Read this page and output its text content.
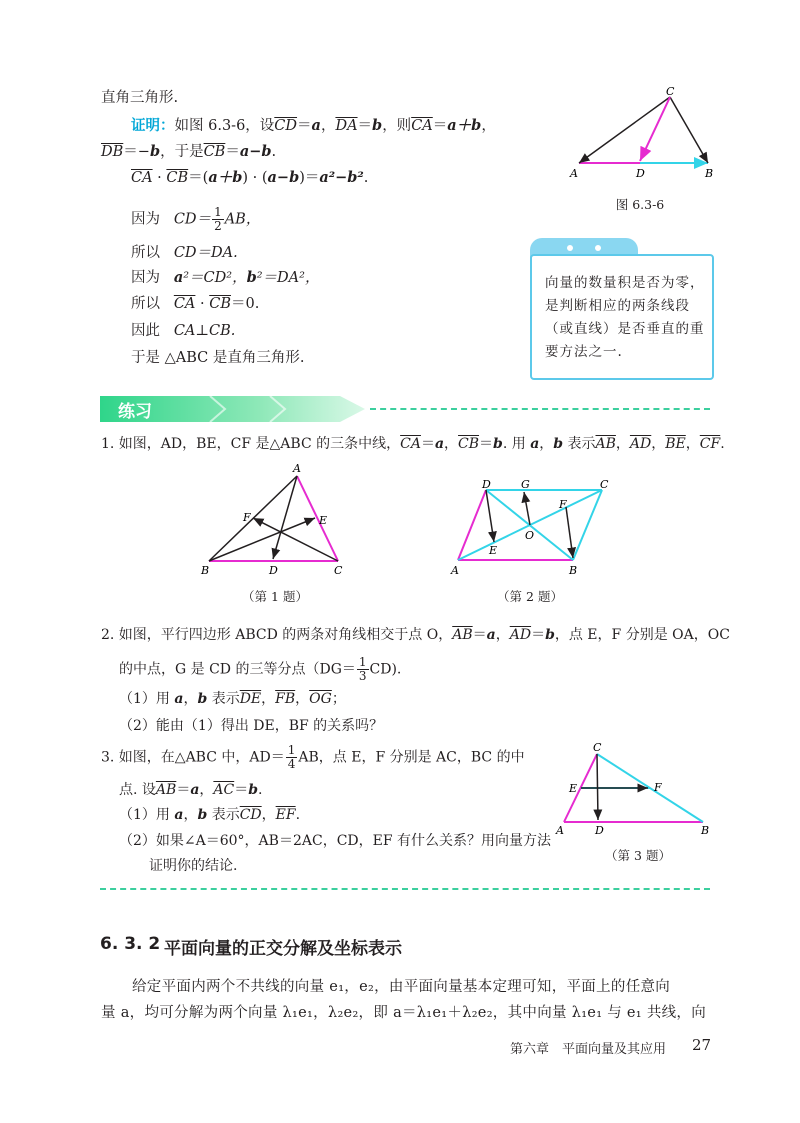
直角三角形.
证明：如图 6.3-6，设$\overline{CD}=a$，$\overline{DA}=b$，则$\overline{CA}=a+b$，
$\overline{DB}=-b$，于是$\overline{CB}=a-b$.
$\overline{CA} \cdot \overline{CB}=(a+b) \cdot (a-b)=a^2-b^2$.
因为 $CD= \frac{1}{2}$ AB，
所以 CD＝DA.
因为 a²＝CD²，b²＝DA²，
所以 $\overline{CA} \cdot \overline{CB}=0$.
因此 CA⊥CB.
于是 △ABC 是直角三角形.
C
A	D	B
图 6.3-6
向量的数量积是否为零，是判断相应的两条线段（或直线）是否垂直的重要方法之一.
练习
1. 如图，AD，BE，CF 是△ABC 的三条中线，$\overline{CA}=a$，$\overline{CB}=b$. 用 a，b 表示$\overline{AB}$，$\overline{AD}$，$\overline{BE}$，$\overline{CF}$.
A
F	E
B	D	C
（第 1 题）
D	G	C
F
O
E
A	B
（第 2 题）
2. 如图，平行四边形 ABCD 的两条对角线相交于点 O，$\overline{AB}=a$，$\overline{AD}=b$，点 E，F 分别是 OA，OC
的中点，G 是 CD 的三等分点$(DG= \frac{1}{3} CD)$.
（1）用 a，b 表示$\overline{DE}$，$\overline{FB}$，$\overline{OG}$；
（2）能由（1）得出 DE，BF 的关系吗？
3. 如图，在△ABC 中，$AD= \frac{1}{4}$ AB，点 E，F 分别是 AC，BC 的中
点. 设$\overline{AB}=a$，$\overline{AC}=b$.
（1）用 a，b 表示$\overline{CD}$，$\overline{EF}$.
（2）如果∠A＝60°，AB＝2AC，CD，EF 有什么关系？用向量方法
证明你的结论.
C
E	F
A	D	B
（第 3 题）
6. 3. 2 平面向量的正交分解及坐标表示
给定平面内两个不共线的向量 e₁，e₂，由平面向量基本定理可知，平面上的任意向
量 a，均可分解为两个向量 λ₁e₁，λ₂e₂，即 a＝λ₁e₁＋λ₂e₂，其中向量 λ₁e₁ 与 e₁ 共线，向
第六章　平面向量及其应用 27
